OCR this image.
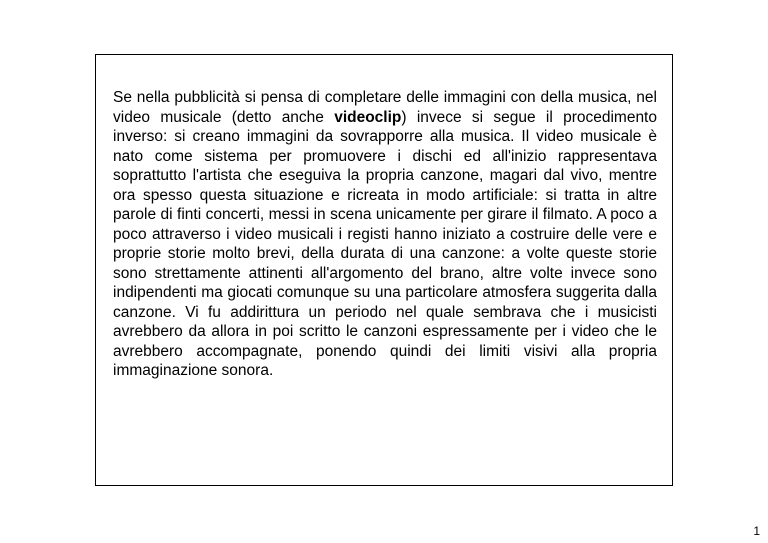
Se nella pubblicità si pensa di completare delle immagini con della musica, nel video musicale (detto anche videoclip) invece si segue il procedimento inverso: si creano immagini da sovrapporre alla musica. Il video musicale è nato come sistema per promuovere i dischi ed all'inizio rappresentava soprattutto l'artista che eseguiva la propria canzone, magari dal vivo, mentre ora spesso questa situazione e ricreata in modo artificiale: si tratta in altre parole di finti concerti, messi in scena unicamente per girare il filmato. A poco a poco attraverso i video musicali i registi hanno iniziato a costruire delle vere e proprie storie molto brevi, della durata di una canzone: a volte queste storie sono strettamente attinenti all'argomento del brano, altre volte invece sono indipendenti ma giocati comunque su una particolare atmosfera suggerita dalla canzone. Vi fu addirittura un periodo nel quale sembrava che i musicisti avrebbero da allora in poi scritto le canzoni espressamente per i video che le avrebbero accompagnate, ponendo quindi dei limiti visivi alla propria immaginazione sonora.

1
